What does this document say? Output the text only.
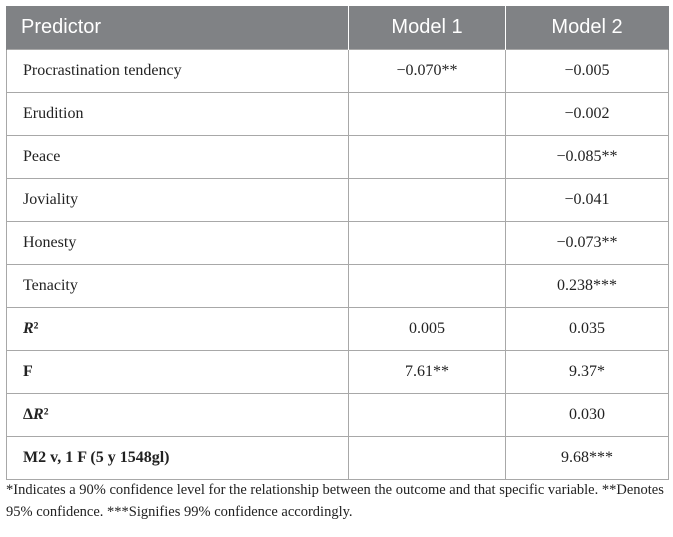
Predictor	Model 1	Model 2
Procrastination tendency	−0.070**	−0.005
Erudition		−0.002
Peace		−0.085**
Joviality		−0.041
Honesty		−0.073**
Tenacity		0.238***
R²	0.005	0.035
F	7.61**	9.37*
ΔR²		0.030
M2 v, 1 F (5 y 1548gl)		9.68***
*Indicates a 90% confidence level for the relationship between the outcome and that specific variable. **Denotes 95% confidence. ***Signifies 99% confidence accordingly.
